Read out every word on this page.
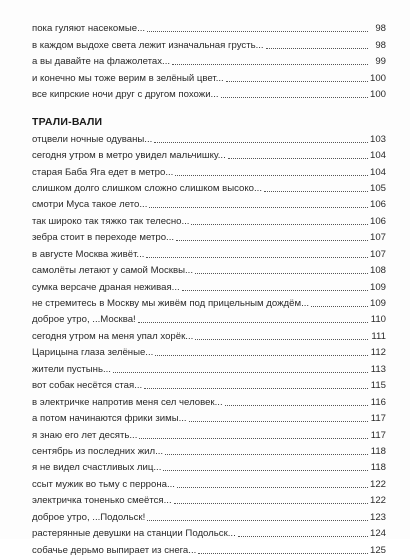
пока гуляют насекомые...	98
в каждом выдохе света лежит изначальная грусть...	98
а вы давайте на флажолетах...	99
и конечно мы тоже верим в зелёный цвет...	100
все кипрские ночи друг с другом похожи...	100
ТРАЛИ-ВАЛИ
отцвели ночные одуваны...	103
сегодня утром в метро увидел мальчишку...	104
старая Баба Яга едет в метро...	104
слишком долго слишком сложно слишком высоко...	105
смотри Муса такое лето...	106
так широко так тяжко так телесно...	106
зебра стоит в переходе метро...	107
в августе Москва живёт...	107
самолёты летают у самой Москвы...	108
сумка версаче драная неживая...	109
не стремитесь в Москву мы живём под прицельным дождём...	109
доброе утро, ...Москва!	110
сегодня утром на меня упал хорёк...	111
Царицына глаза зелёные...	112
жители пустынь...	113
вот собак несётся стая...	115
в электричке напротив меня сел человек...	116
а потом начинаются фрики зимы...	117
я знаю его лет десять...	117
сентябрь из последних жил...	118
я не видел счастливых лиц...	118
ссыт мужик во тьму с перрона...	122
электричка тоненько смеётся...	122
доброе утро, ...Подольск!	123
растерянные девушки на станции Подольск...	124
собачье дерьмо выпирает из снега...	125
